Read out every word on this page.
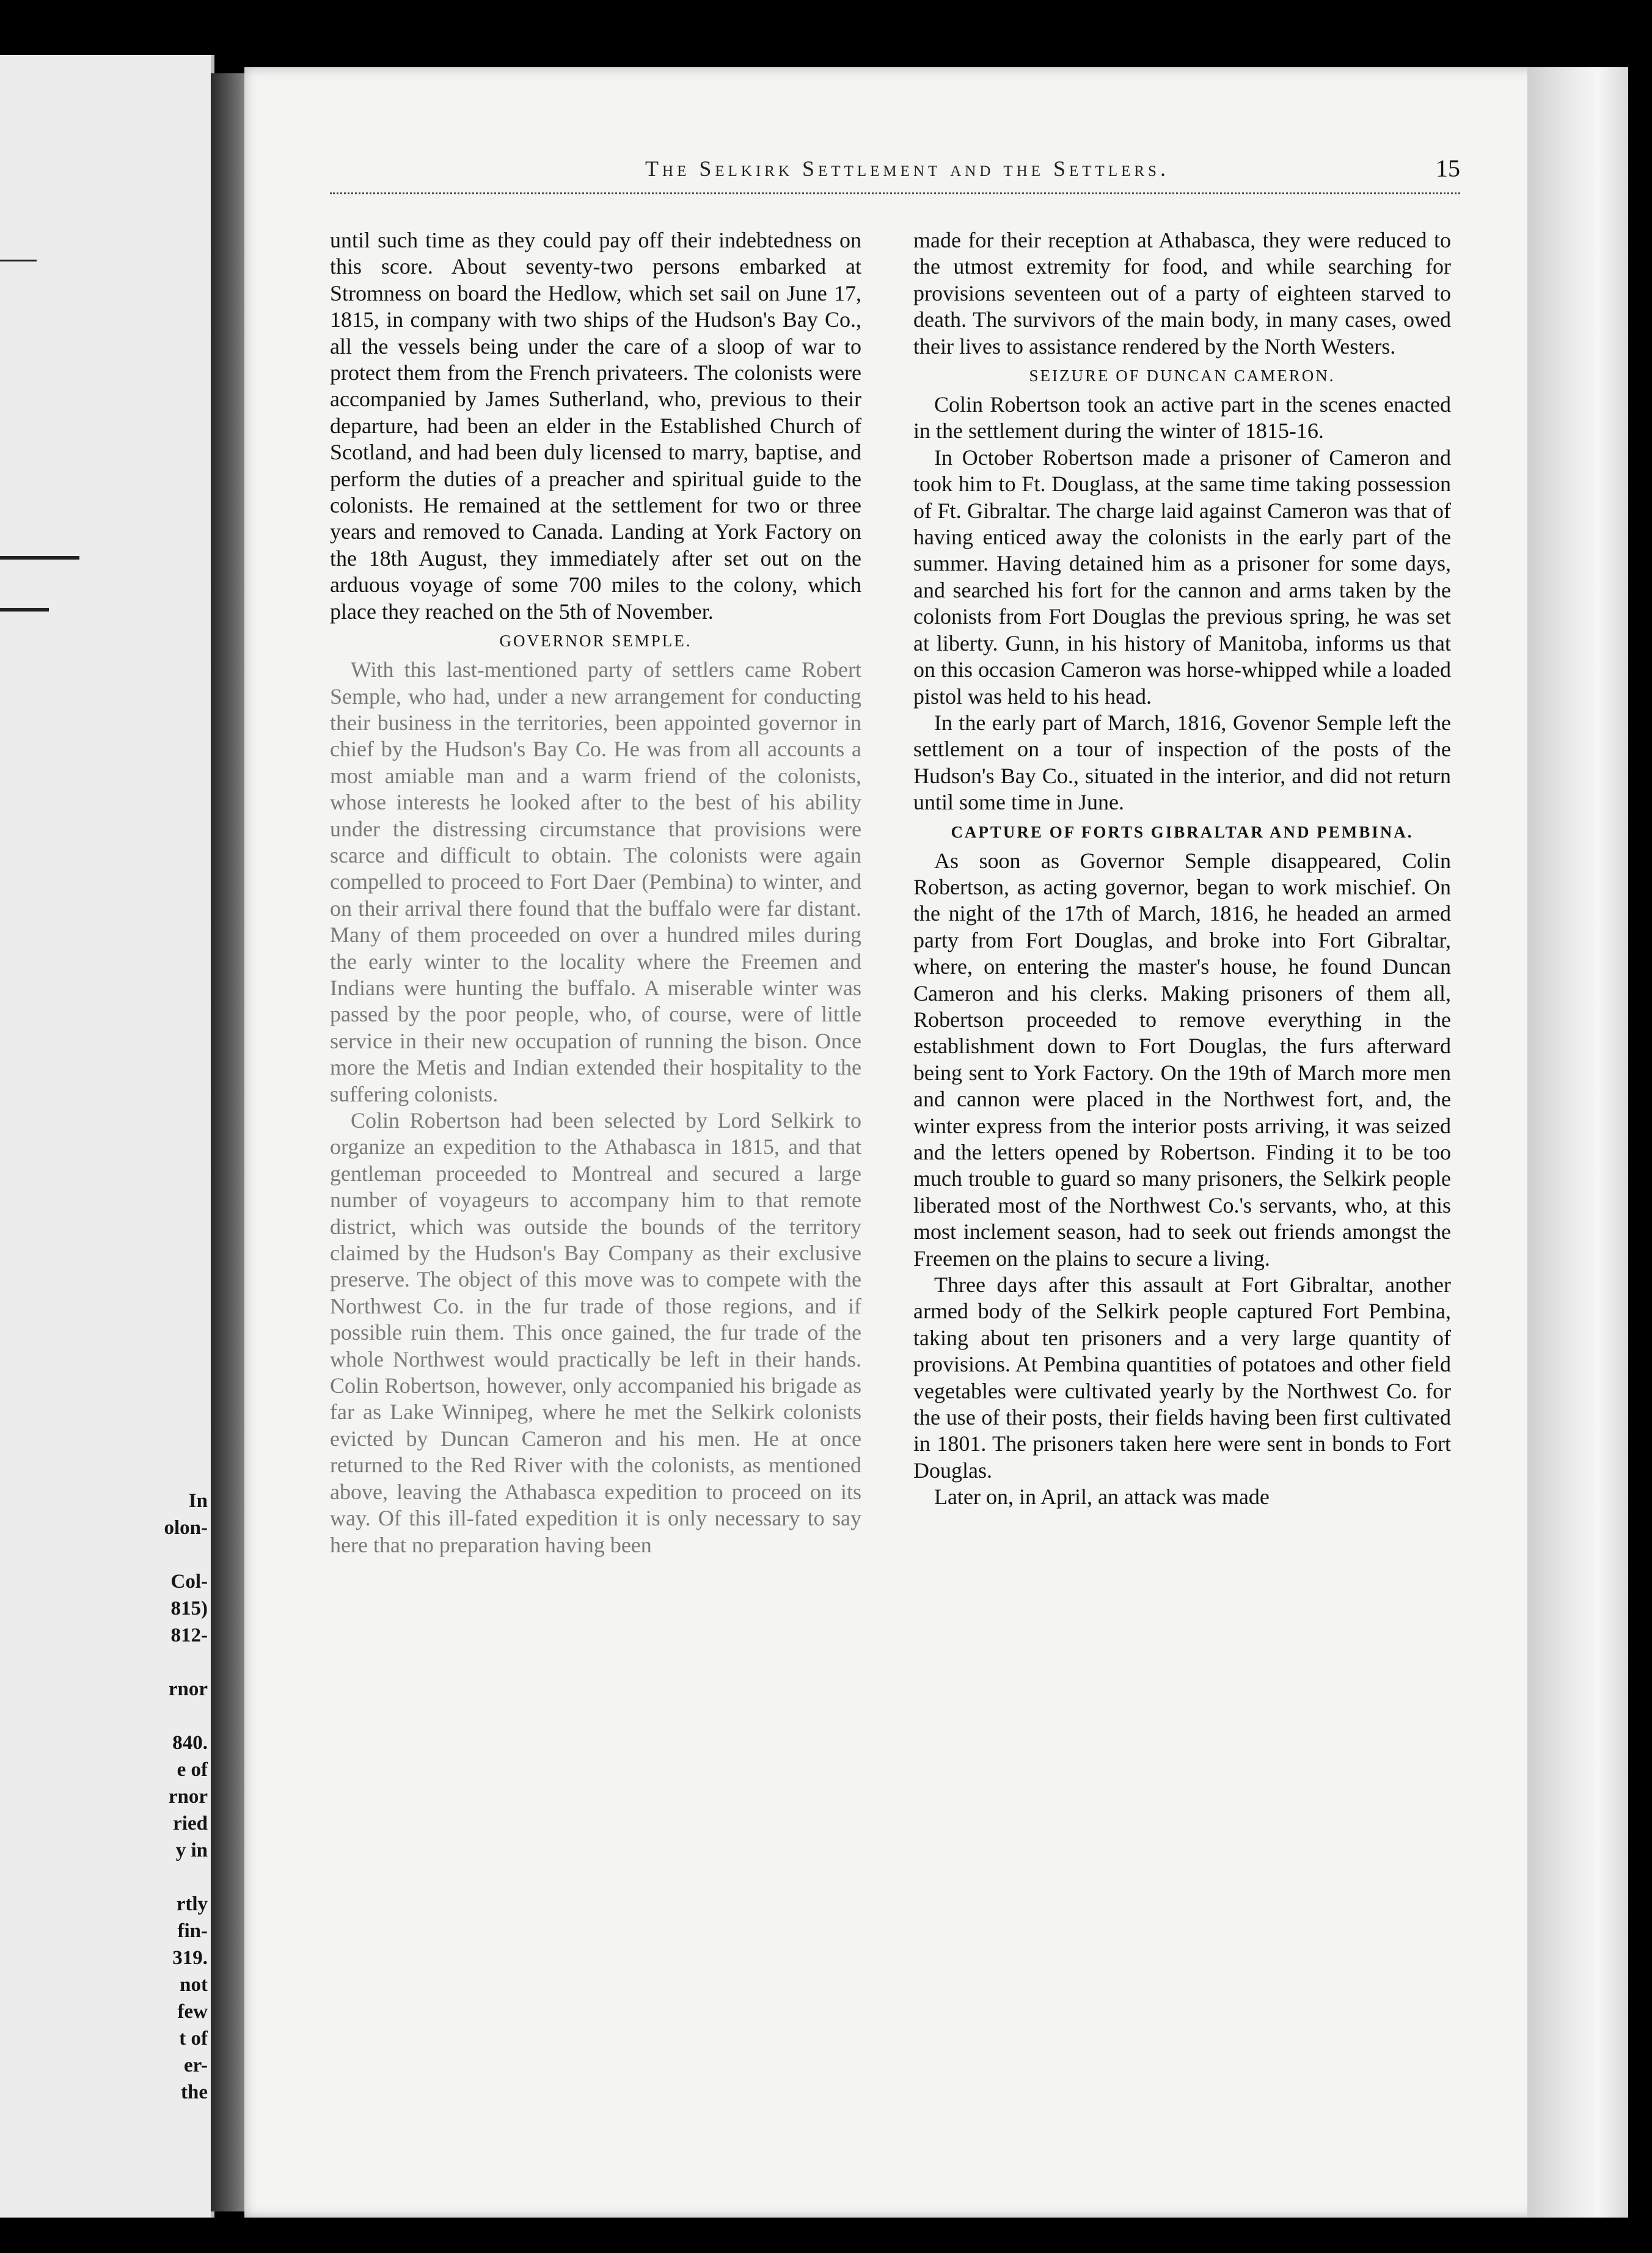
In
olon-
Col-
815)
812-
rnor
840.
e of
rnor
ried
y in
rtly
fin-
319.
not
few
t of
er-
the
The Selkirk Settlement and the Settlers.	15

until such time as they could pay off their indebtedness on this score. About seventy-two persons embarked at Stromness on board the Hedlow, which set sail on June 17, 1815, in company with two ships of the Hudson's Bay Co., all the vessels being under the care of a sloop of war to protect them from the French privateers. The colonists were accompanied by James Sutherland, who, previous to their departure, had been an elder in the Established Church of Scotland, and had been duly licensed to marry, baptise, and perform the duties of a preacher and spiritual guide to the colonists. He remained at the settlement for two or three years and removed to Canada. Landing at York Factory on the 18th August, they immediately after set out on the arduous voyage of some 700 miles to the colony, which place they reached on the 5th of November.

GOVERNOR SEMPLE.

With this last-mentioned party of settlers came Robert Semple, who had, under a new arrangement for conducting their business in the territories, been appointed governor in chief by the Hudson's Bay Co. He was from all accounts a most amiable man and a warm friend of the colonists, whose interests he looked after to the best of his ability under the distressing circumstance that provisions were scarce and difficult to obtain. The colonists were again compelled to proceed to Fort Daer (Pembina) to winter, and on their arrival there found that the buffalo were far distant. Many of them proceeded on over a hundred miles during the early winter to the locality where the Freemen and Indians were hunting the buffalo. A miserable winter was passed by the poor people, who, of course, were of little service in their new occupation of running the bison. Once more the Metis and Indian extended their hospitality to the suffering colonists.

Colin Robertson had been selected by Lord Selkirk to organize an expedition to the Athabasca in 1815, and that gentleman proceeded to Montreal and secured a large number of voyageurs to accompany him to that remote district, which was outside the bounds of the territory claimed by the Hudson's Bay Company as their exclusive preserve. The object of this move was to compete with the Northwest Co. in the fur trade of those regions, and if possible ruin them. This once gained, the fur trade of the whole Northwest would practically be left in their hands. Colin Robertson, however, only accompanied his brigade as far as Lake Winnipeg, where he met the Selkirk colonists evicted by Duncan Cameron and his men. He at once returned to the Red River with the colonists, as mentioned above, leaving the Athabasca expedition to proceed on its way. Of this ill-fated expedition it is only necessary to say here that no preparation having been

made for their reception at Athabasca, they were reduced to the utmost extremity for food, and while searching for provisions seventeen out of a party of eighteen starved to death. The survivors of the main body, in many cases, owed their lives to assistance rendered by the North Westers.

SEIZURE OF DUNCAN CAMERON.

Colin Robertson took an active part in the scenes enacted in the settlement during the winter of 1815-16.

In October Robertson made a prisoner of Cameron and took him to Ft. Douglass, at the same time taking possession of Ft. Gibraltar. The charge laid against Cameron was that of having enticed away the colonists in the early part of the summer. Having detained him as a prisoner for some days, and searched his fort for the cannon and arms taken by the colonists from Fort Douglas the previous spring, he was set at liberty. Gunn, in his history of Manitoba, informs us that on this occasion Cameron was horse-whipped while a loaded pistol was held to his head.

In the early part of March, 1816, Govenor Semple left the settlement on a tour of inspection of the posts of the Hudson's Bay Co., situated in the interior, and did not return until some time in June.

CAPTURE OF FORTS GIBRALTAR AND PEMBINA.

As soon as Governor Semple disappeared, Colin Robertson, as acting governor, began to work mischief. On the night of the 17th of March, 1816, he headed an armed party from Fort Douglas, and broke into Fort Gibraltar, where, on entering the master's house, he found Duncan Cameron and his clerks. Making prisoners of them all, Robertson proceeded to remove everything in the establishment down to Fort Douglas, the furs afterward being sent to York Factory. On the 19th of March more men and cannon were placed in the Northwest fort, and, the winter express from the interior posts arriving, it was seized and the letters opened by Robertson. Finding it to be too much trouble to guard so many prisoners, the Selkirk people liberated most of the Northwest Co.'s servants, who, at this most inclement season, had to seek out friends amongst the Freemen on the plains to secure a living.

Three days after this assault at Fort Gibraltar, another armed body of the Selkirk people captured Fort Pembina, taking about ten prisoners and a very large quantity of provisions. At Pembina quantities of potatoes and other field vegetables were cultivated yearly by the Northwest Co. for the use of their posts, their fields having been first cultivated in 1801. The prisoners taken here were sent in bonds to Fort Douglas.

Later on, in April, an attack was made
